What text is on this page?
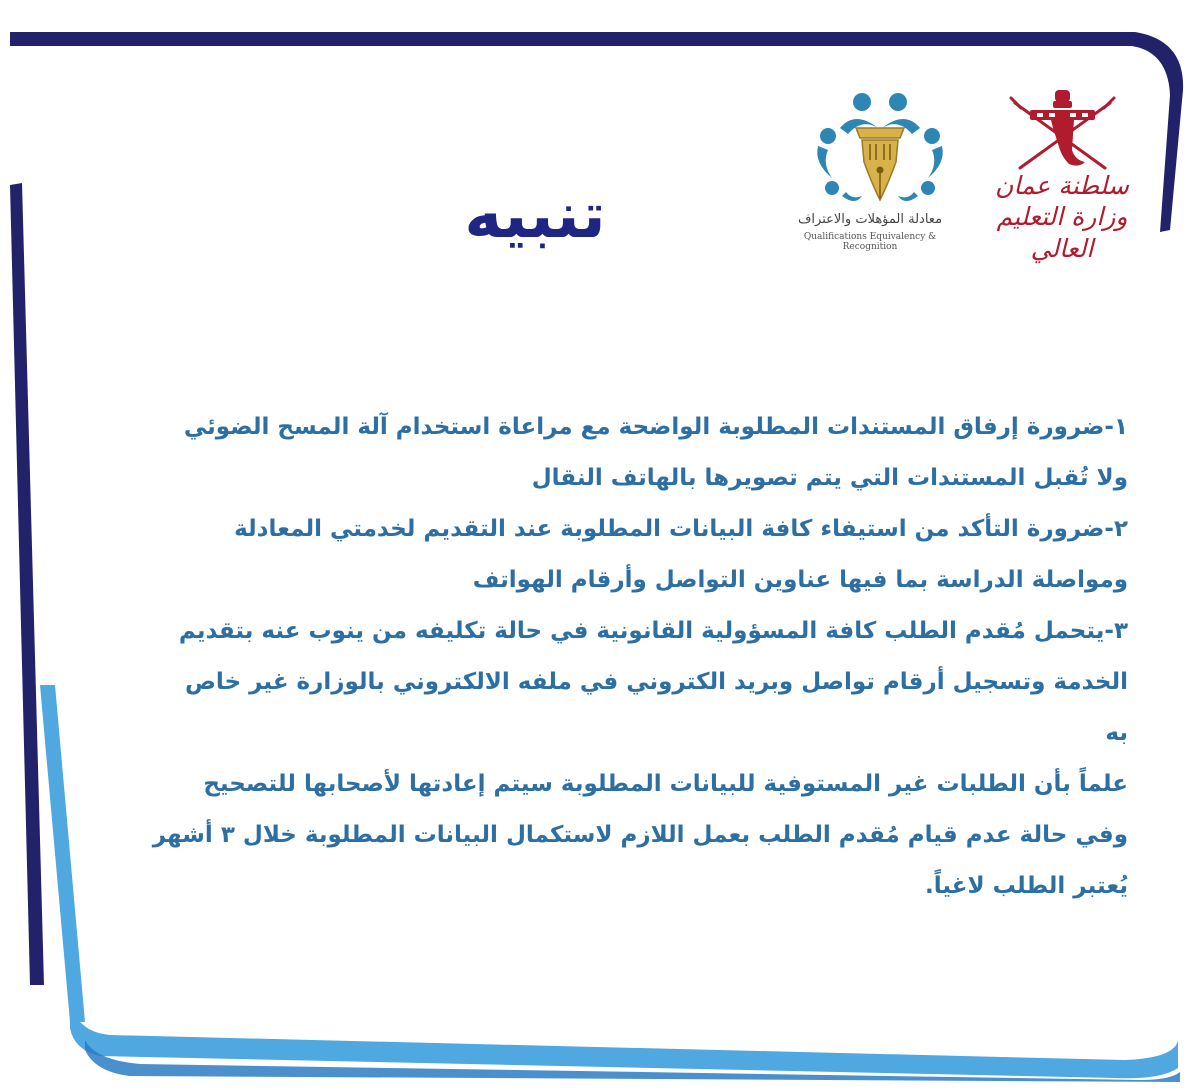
سلطنة عمان
وزارة التعليم العالي
معادلة المؤهلات والاعتراف
Qualifications Equivalency & Recognition
تنبيه

١-ضرورة إرفاق المستندات المطلوبة الواضحة مع مراعاة استخدام آلة المسح الضوئي
ولا تُقبل المستندات التي يتم تصويرها بالهاتف النقال

٢-ضرورة التأكد من استيفاء كافة البيانات المطلوبة عند التقديم لخدمتي المعادلة
ومواصلة الدراسة بما فيها عناوين التواصل وأرقام الهواتف

٣-يتحمل مُقدم الطلب كافة المسؤولية القانونية في حالة تكليفه من ينوب عنه بتقديم
الخدمة وتسجيل أرقام تواصل وبريد الكتروني في ملفه الالكتروني بالوزارة غير خاص
به

علماً بأن الطلبات غير المستوفية للبيانات المطلوبة سيتم إعادتها لأصحابها للتصحيح
وفي حالة عدم قيام مُقدم الطلب بعمل اللازم لاستكمال البيانات المطلوبة خلال ٣ أشهر
يُعتبر الطلب لاغياً.
